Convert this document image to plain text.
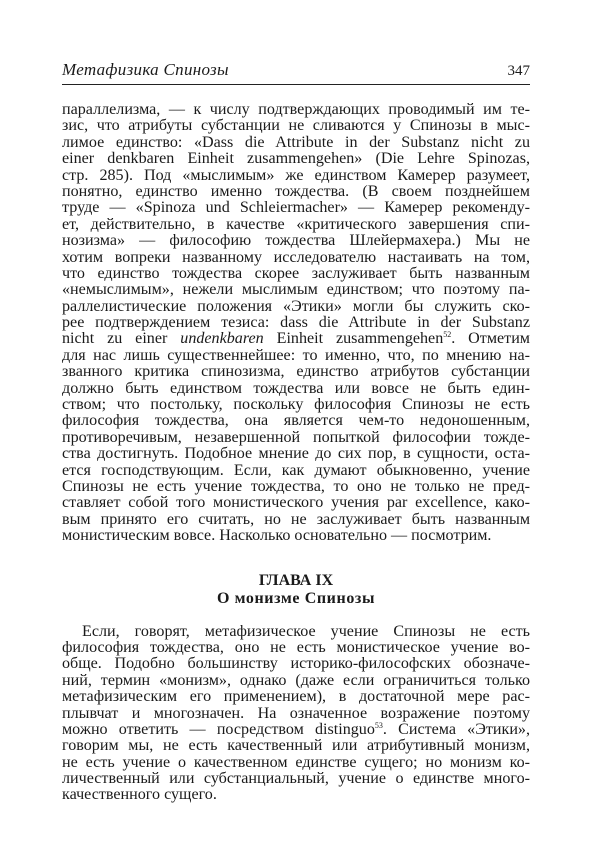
Метафизика Спинозы	347
параллелизма, — к числу подтверждающих проводимый им те-
зис, что атрибуты субстанции не сливаются у Спинозы в мыс-
лимое единство: «Dass die Attribute in der Substanz nicht zu
einer denkbaren Einheit zusammengehen» (Die Lehre Spinozas,
стр. 285). Под «мыслимым» же единством Камерер разумеет,
понятно, единство именно тождества. (В своем позднейшем
труде — «Spinoza und Schleiermacher» — Камерер рекоменду-
ет, действительно, в качестве «критического завершения спи-
нозизма» — философию тождества Шлейермахера.) Мы не
хотим вопреки названному исследователю настаивать на том,
что единство тождества скорее заслуживает быть названным
«немыслимым», нежели мыслимым единством; что поэтому па-
раллелистические положения «Этики» могли бы служить ско-
рее подтверждением тезиса: dass die Attribute in der Substanz
nicht zu einer undenkbaren Einheit zusammengehen$^{52}$. Отметим
для нас лишь существеннейшее: то именно, что, по мнению на-
званного критика спинозизма, единство атрибутов субстанции
должно быть единством тождества или вовсе не быть един-
ством; что постольку, поскольку философия Спинозы не есть
философия тождества, она является чем-то недоношенным,
противоречивым, незавершенной попыткой философии тожде-
ства достигнуть. Подобное мнение до сих пор, в сущности, оста-
ется господствующим. Если, как думают обыкновенно, учение
Спинозы не есть учение тождества, то оно не только не пред-
ставляет собой того монистического учения par excellence, како-
вым принято его считать, но не заслуживает быть названным
монистическим вовсе. Насколько основательно — посмотрим.
ГЛАВА IX
О монизме Спинозы
Если, говорят, метафизическое учение Спинозы не есть
философия тождества, оно не есть монистическое учение во-
обще. Подобно большинству историко-философских обозначе-
ний, термин «монизм», однако (даже если ограничиться только
метафизическим его применением), в достаточной мере рас-
плывчат и многозначен. На означенное возражение поэтому
можно ответить — посредством distinguo$^{53}$. Система «Этики»,
говорим мы, не есть качественный или атрибутивный монизм,
не есть учение о качественном единстве сущего; но монизм ко-
личественный или субстанциальный, учение о единстве много-
качественного сущего.
